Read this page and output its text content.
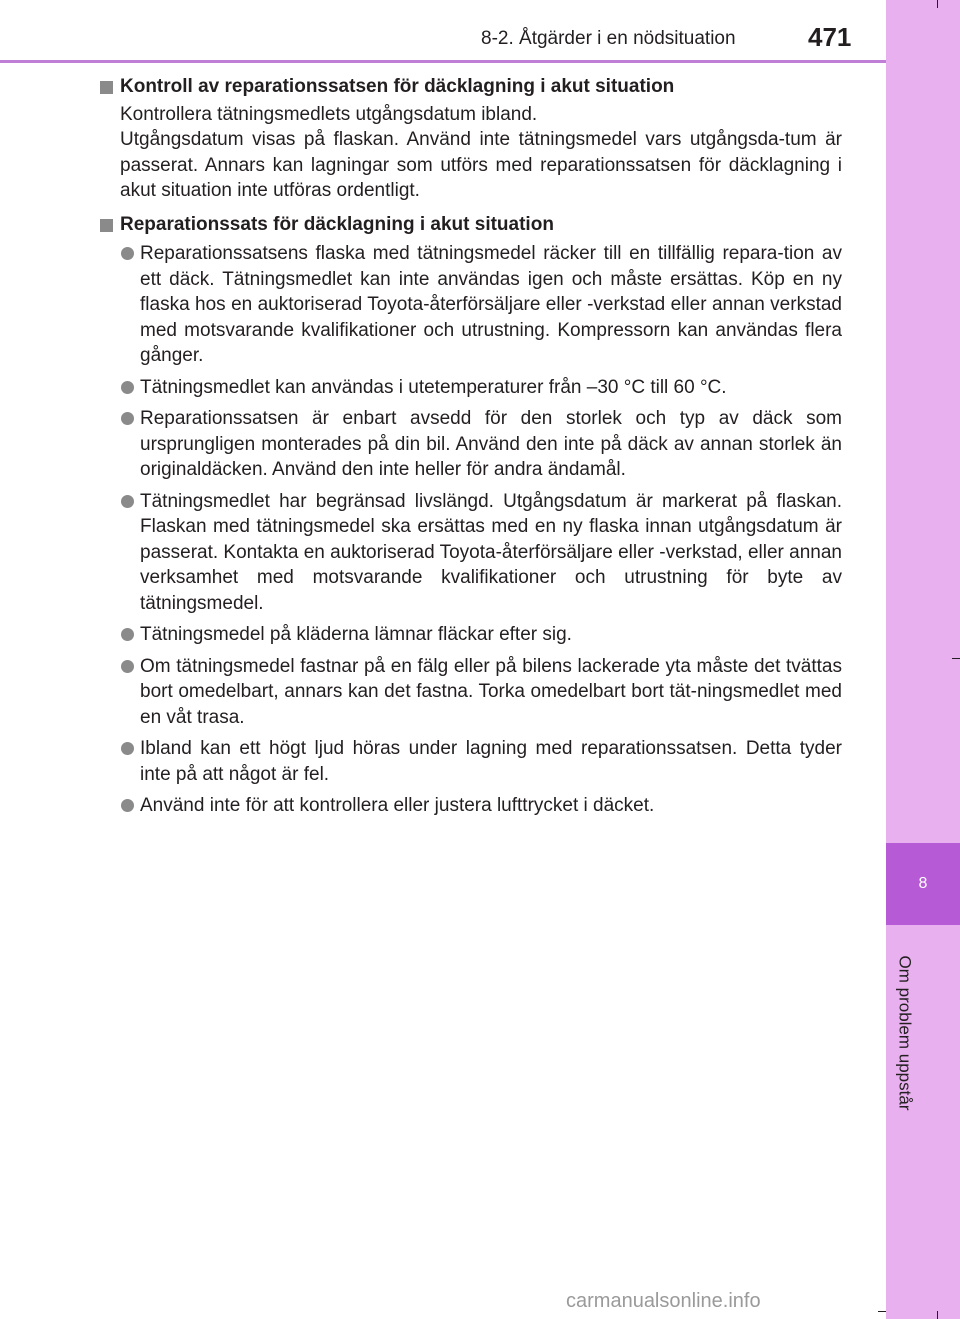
8
Om problem uppstår
8-2. Åtgärder i en nödsituation	471
Kontroll av reparationssatsen för däcklagning i akut situation

Kontrollera tätningsmedlets utgångsdatum ibland.

Utgångsdatum visas på flaskan. Använd inte tätningsmedel vars utgångsda-tum är passerat. Annars kan lagningar som utförs med reparationssatsen för däcklagning i akut situation inte utföras ordentligt.

Reparationssats för däcklagning i akut situation
Reparationssatsens flaska med tätningsmedel räcker till en tillfällig repara-tion av ett däck. Tätningsmedlet kan inte användas igen och måste ersättas. Köp en ny flaska hos en auktoriserad Toyota-återförsäljare eller -verkstad eller annan verkstad med motsvarande kvalifikationer och utrustning. Kompressorn kan användas flera gånger.
Tätningsmedlet kan användas i utetemperaturer från –30 °C till 60 °C.
Reparationssatsen är enbart avsedd för den storlek och typ av däck som ursprungligen monterades på din bil. Använd den inte på däck av annan storlek än originaldäcken. Använd den inte heller för andra ändamål.
Tätningsmedlet har begränsad livslängd. Utgångsdatum är markerat på flaskan. Flaskan med tätningsmedel ska ersättas med en ny flaska innan utgångsdatum är passerat. Kontakta en auktoriserad Toyota-återförsäljare eller -verkstad, eller annan verksamhet med motsvarande kvalifikationer och utrustning för byte av tätningsmedel.
Tätningsmedel på kläderna lämnar fläckar efter sig.
Om tätningsmedel fastnar på en fälg eller på bilens lackerade yta måste det tvättas bort omedelbart, annars kan det fastna. Torka omedelbart bort tät-ningsmedlet med en våt trasa.
Ibland kan ett högt ljud höras under lagning med reparationssatsen. Detta tyder inte på att något är fel.
Använd inte för att kontrollera eller justera lufttrycket i däcket.
carmanualsonline.info
